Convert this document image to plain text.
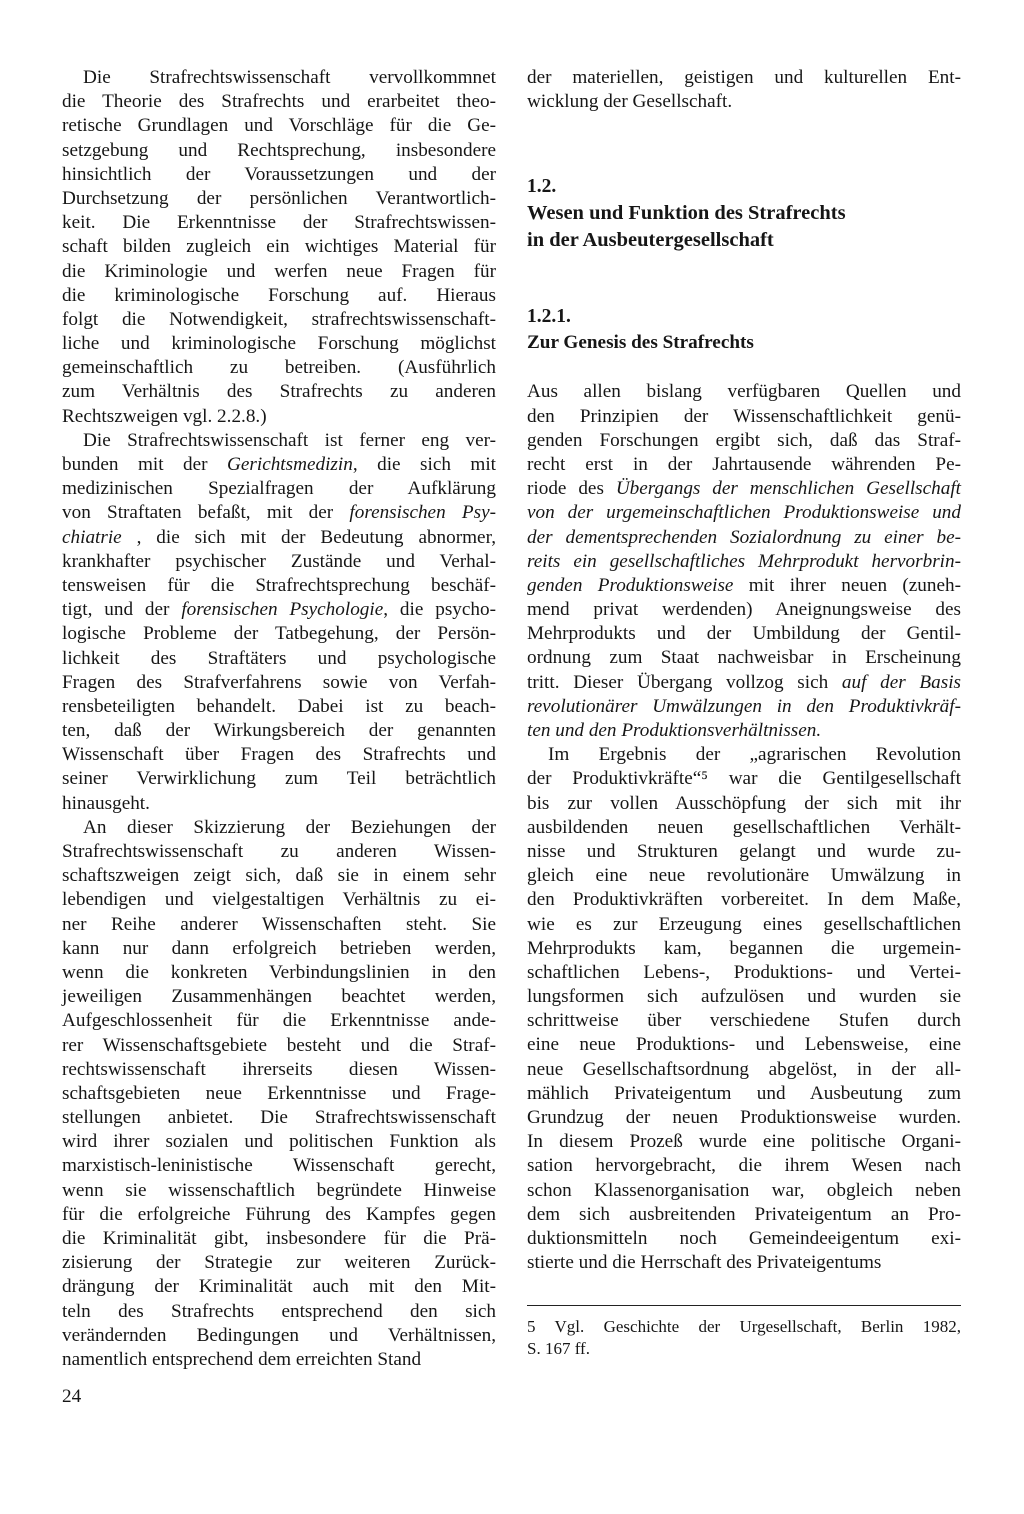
Die Strafrechtswissenschaft vervollkommnet
die Theorie des Strafrechts und erarbeitet theo-
retische Grundlagen und Vorschläge für die Ge-
setzgebung und Rechtsprechung, insbesondere
hinsichtlich der Voraussetzungen und der
Durchsetzung der persönlichen Verantwortlich-
keit. Die Erkenntnisse der Strafrechtswissen-
schaft bilden zugleich ein wichtiges Material für
die Kriminologie und werfen neue Fragen für
die kriminologische Forschung auf. Hieraus
folgt die Notwendigkeit, strafrechtswissenschaft-
liche und kriminologische Forschung möglichst
gemeinschaftlich zu betreiben. (Ausführlich
zum Verhältnis des Strafrechts zu anderen
Rechtszweigen vgl. 2.2.8.)
Die Strafrechtswissenschaft ist ferner eng ver-
bunden mit der Gerichtsmedizin, die sich mit
medizinischen Spezialfragen der Aufklärung
von Straftaten befaßt, mit der forensischen Psy-
chiatrie , die sich mit der Bedeutung abnormer,
krankhafter psychischer Zustände und Verhal-
tensweisen für die Strafrechtsprechung beschäf-
tigt, und der forensischen Psychologie, die psycho-
logische Probleme der Tatbegehung, der Persön-
lichkeit des Straftäters und psychologische
Fragen des Strafverfahrens sowie von Verfah-
rensbeteiligten behandelt. Dabei ist zu beach-
ten, daß der Wirkungsbereich der genannten
Wissenschaft über Fragen des Strafrechts und
seiner Verwirklichung zum Teil beträchtlich
hinausgeht.
An dieser Skizzierung der Beziehungen der
Strafrechtswissenschaft zu anderen Wissen-
schaftszweigen zeigt sich, daß sie in einem sehr
lebendigen und vielgestaltigen Verhältnis zu ei-
ner Reihe anderer Wissenschaften steht. Sie
kann nur dann erfolgreich betrieben werden,
wenn die konkreten Verbindungslinien in den
jeweiligen Zusammenhängen beachtet werden,
Aufgeschlossenheit für die Erkenntnisse ande-
rer Wissenschaftsgebiete besteht und die Straf-
rechtswissenschaft ihrerseits diesen Wissen-
schaftsgebieten neue Erkenntnisse und Frage-
stellungen anbietet. Die Strafrechtswissenschaft
wird ihrer sozialen und politischen Funktion als
marxistisch-leninistische Wissenschaft gerecht,
wenn sie wissenschaftlich begründete Hinweise
für die erfolgreiche Führung des Kampfes gegen
die Kriminalität gibt, insbesondere für die Prä-
zisierung der Strategie zur weiteren Zurück-
drängung der Kriminalität auch mit den Mit-
teln des Strafrechts entsprechend den sich
verändernden Bedingungen und Verhältnissen,
namentlich entsprechend dem erreichten Stand
der materiellen, geistigen und kulturellen Ent-
wicklung der Gesellschaft.
1.2.
Wesen und Funktion des Strafrechts
in der Ausbeutergesellschaft
1.2.1.
Zur Genesis des Strafrechts
Aus allen bislang verfügbaren Quellen und
den Prinzipien der Wissenschaftlichkeit genü-
genden Forschungen ergibt sich, daß das Straf-
recht erst in der Jahrtausende währenden Pe-
riode des Übergangs der menschlichen Gesellschaft
von der urgemeinschaftlichen Produktionsweise und
der dementsprechenden Sozialordnung zu einer be-
reits ein gesellschaftliches Mehrprodukt hervorbrin-
genden Produktionsweise mit ihrer neuen (zuneh-
mend privat werdenden) Aneignungsweise des
Mehrprodukts und der Umbildung der Gentil-
ordnung zum Staat nachweisbar in Erscheinung
tritt. Dieser Übergang vollzog sich auf der Basis
revolutionärer Umwälzungen in den Produktivkräf-
ten und den Produktionsverhältnissen.
Im Ergebnis der „agrarischen Revolution
der Produktivkräfte“⁵ war die Gentilgesellschaft
bis zur vollen Ausschöpfung der sich mit ihr
ausbildenden neuen gesellschaftlichen Verhält-
nisse und Strukturen gelangt und wurde zu-
gleich eine neue revolutionäre Umwälzung in
den Produktivkräften vorbereitet. In dem Maße,
wie es zur Erzeugung eines gesellschaftlichen
Mehrprodukts kam, begannen die urgemein-
schaftlichen Lebens-, Produktions- und Vertei-
lungsformen sich aufzulösen und wurden sie
schrittweise über verschiedene Stufen durch
eine neue Produktions- und Lebensweise, eine
neue Gesellschaftsordnung abgelöst, in der all-
mählich Privateigentum und Ausbeutung zum
Grundzug der neuen Produktionsweise wurden.
In diesem Prozeß wurde eine politische Organi-
sation hervorgebracht, die ihrem Wesen nach
schon Klassenorganisation war, obgleich neben
dem sich ausbreitenden Privateigentum an Pro-
duktionsmitteln noch Gemeindeeigentum exi-
stierte und die Herrschaft des Privateigentums
5 Vgl. Geschichte der Urgesellschaft, Berlin 1982,
S. 167 ff.
24
